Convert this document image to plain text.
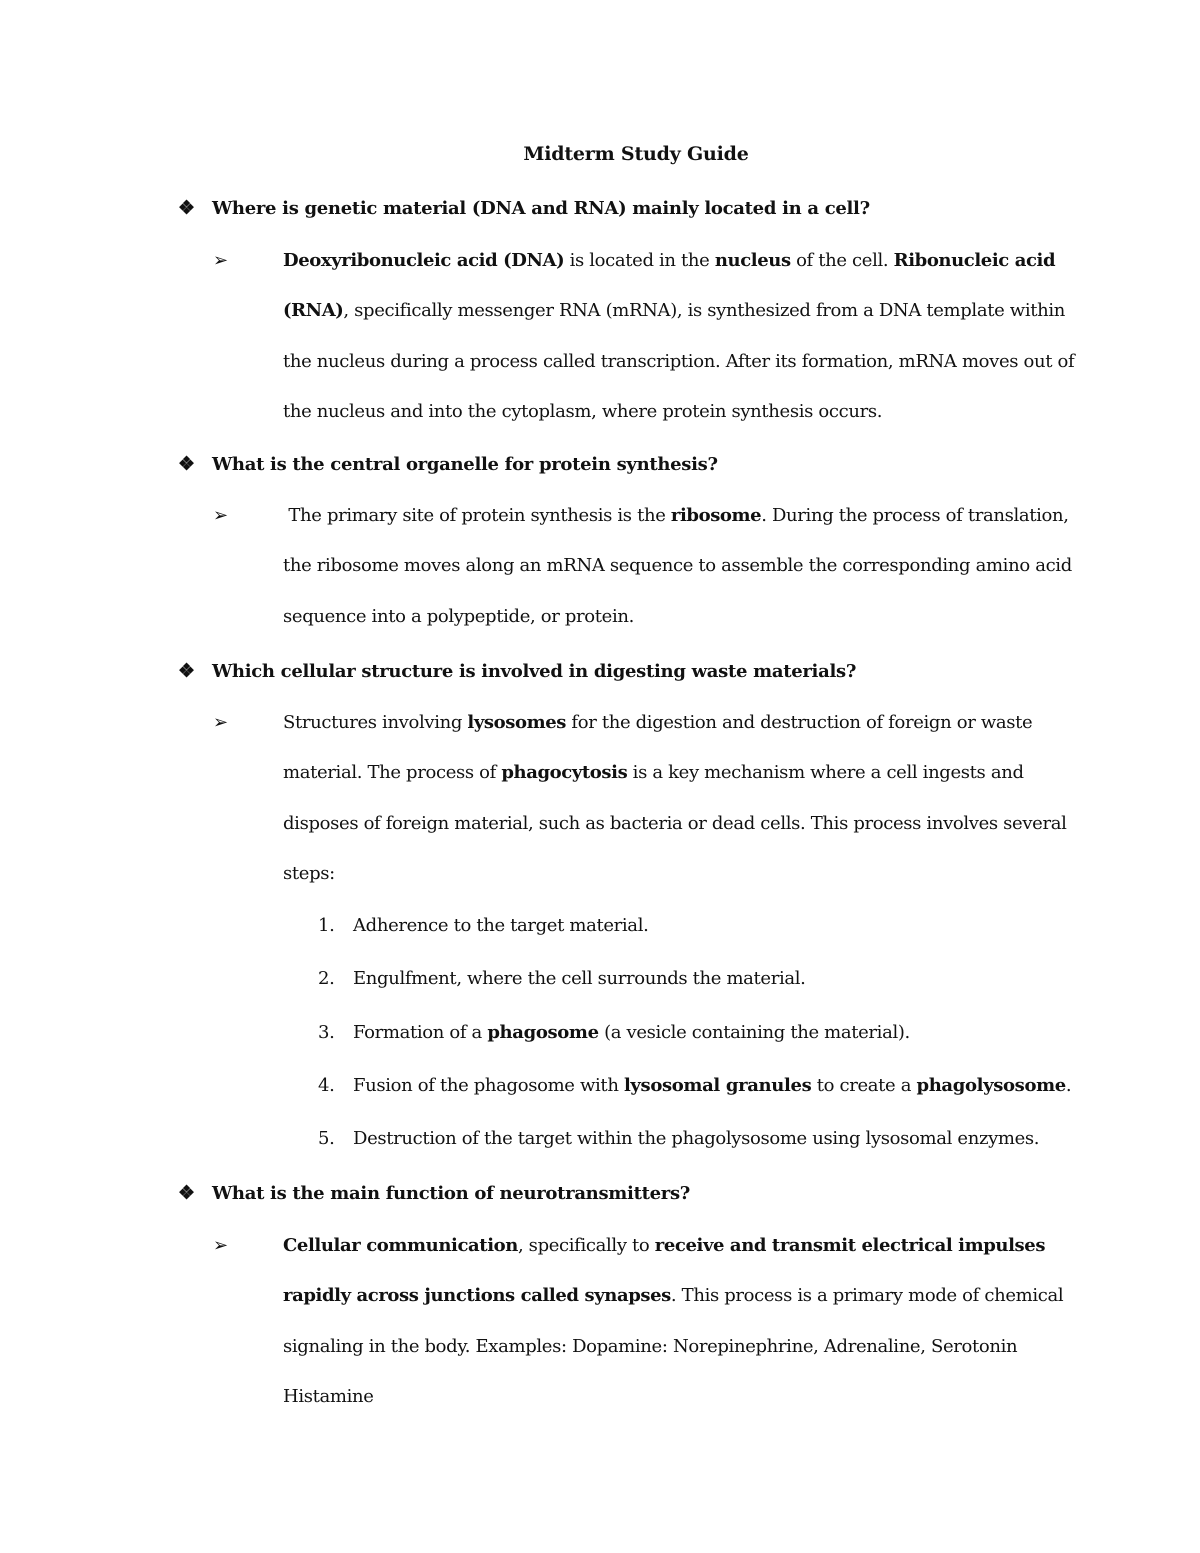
Midterm Study Guide
❖ Where is genetic material (DNA and RNA) mainly located in a cell?
➢	Deoxyribonucleic acid (DNA) is located in the nucleus of the cell. Ribonucleic acid (RNA), specifically messenger RNA (mRNA), is synthesized from a DNA template within the nucleus during a process called transcription. After its formation, mRNA moves out of the nucleus and into the cytoplasm, where protein synthesis occurs.
❖ What is the central organelle for protein synthesis?
➢	The primary site of protein synthesis is the ribosome. During the process of translation, the ribosome moves along an mRNA sequence to assemble the corresponding amino acid sequence into a polypeptide, or protein.
❖ Which cellular structure is involved in digesting waste materials?
➢	Structures involving lysosomes for the digestion and destruction of foreign or waste material. The process of phagocytosis is a key mechanism where a cell ingests and disposes of foreign material, such as bacteria or dead cells. This process involves several steps:
1. Adherence to the target material.
2. Engulfment, where the cell surrounds the material.
3. Formation of a phagosome (a vesicle containing the material).
4. Fusion of the phagosome with lysosomal granules to create a phagolysosome.
5. Destruction of the target within the phagolysosome using lysosomal enzymes.
❖ What is the main function of neurotransmitters?
➢	Cellular communication, specifically to receive and transmit electrical impulses rapidly across junctions called synapses. This process is a primary mode of chemical signaling in the body. Examples: Dopamine: Norepinephrine, Adrenaline, Serotonin Histamine
